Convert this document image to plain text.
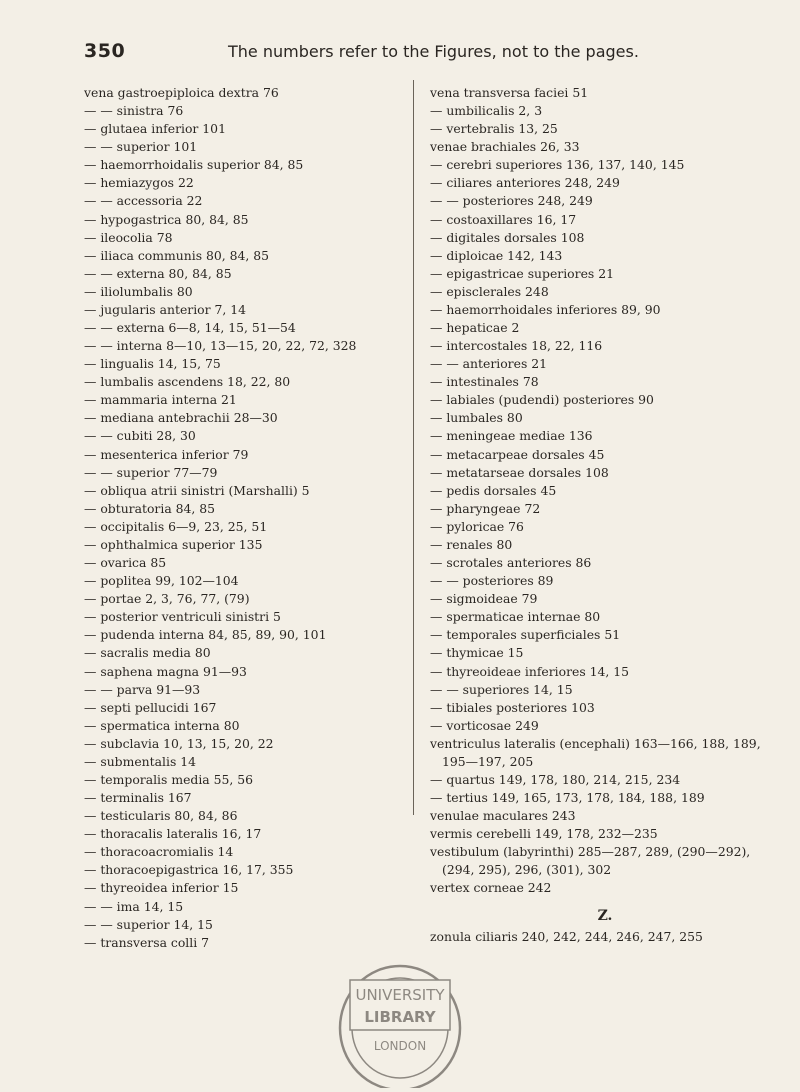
350	The numbers refer to the Figures, not to the pages.
vena gastroepiploica dextra 76
— — sinistra 76
— glutaea inferior 101
— — superior 101
— haemorrhoidalis superior 84, 85
— hemiazygos 22
— — accessoria 22
— hypogastrica 80, 84, 85
— ileocolia 78
— iliaca communis 80, 84, 85
— — externa 80, 84, 85
— iliolumbalis 80
— jugularis anterior 7, 14
— — externa 6—8, 14, 15, 51—54
— — interna 8—10, 13—15, 20, 22, 72, 328
— lingualis 14, 15, 75
— lumbalis ascendens 18, 22, 80
— mammaria interna 21
— mediana antebrachii 28—30
— — cubiti 28, 30
— mesenterica inferior 79
— — superior 77—79
— obliqua atrii sinistri (Marshalli) 5
— obturatoria 84, 85
— occipitalis 6—9, 23, 25, 51
— ophthalmica superior 135
— ovarica 85
— poplitea 99, 102—104
— portae 2, 3, 76, 77, (79)
— posterior ventriculi sinistri 5
— pudenda interna 84, 85, 89, 90, 101
— sacralis media 80
— saphena magna 91—93
— — parva 91—93
— septi pellucidi 167
— spermatica interna 80
— subclavia 10, 13, 15, 20, 22
— submentalis 14
— temporalis media 55, 56
— terminalis 167
— testicularis 80, 84, 86
— thoracalis lateralis 16, 17
— thoracoacromialis 14
— thoracoepigastrica 16, 17, 355
— thyreoidea inferior 15
— — ima 14, 15
— — superior 14, 15
— transversa colli 7
vena transversa faciei 51
— umbilicalis 2, 3
— vertebralis 13, 25
venae brachiales 26, 33
— cerebri superiores 136, 137, 140, 145
— ciliares anteriores 248, 249
— — posteriores 248, 249
— costoaxillares 16, 17
— digitales dorsales 108
— diploicae 142, 143
— epigastricae superiores 21
— episclerales 248
— haemorrhoidales inferiores 89, 90
— hepaticae 2
— intercostales 18, 22, 116
— — anteriores 21
— intestinales 78
— labiales (pudendi) posteriores 90
— lumbales 80
— meningeae mediae 136
— metacarpeae dorsales 45
— metatarseae dorsales 108
— pedis dorsales 45
— pharyngeae 72
— pyloricae 76
— renales 80
— scrotales anteriores 86
— — posteriores 89
— sigmoideae 79
— spermaticae internae 80
— temporales superficiales 51
— thymicae 15
— thyreoideae inferiores 14, 15
— — superiores 14, 15
— tibiales posteriores 103
— vorticosae 249
ventriculus lateralis (encephali) 163—166, 188, 189, 195—197, 205
— quartus 149, 178, 180, 214, 215, 234
— tertius 149, 165, 173, 178, 184, 188, 189
venulae maculares 243
vermis cerebelli 149, 178, 232—235
vestibulum (labyrinthi) 285—287, 289, (290—292), (294, 295), 296, (301), 302
vertex corneae 242
Z.
zonula ciliaris 240, 242, 244, 246, 247, 255
UNIVERSITY
LIBRARY
LONDON
